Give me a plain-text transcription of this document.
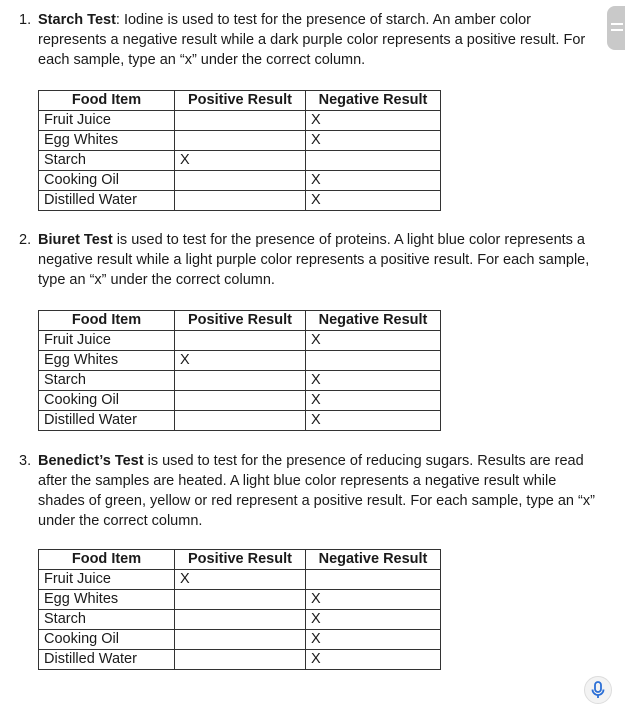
1. Starch Test: Iodine is used to test for the presence of starch. An amber color represents a negative result while a dark purple color represents a positive result. For each sample, type an “x” under the correct column.
Food Item	Positive Result	Negative Result
Fruit Juice		X
Egg Whites		X
Starch	X	
Cooking Oil		X
Distilled Water		X
2. Biuret Test is used to test for the presence of proteins. A light blue color represents a negative result while a light purple color represents a positive result. For each sample, type an “x” under the correct column.
Food Item	Positive Result	Negative Result
Fruit Juice		X
Egg Whites	X	
Starch		X
Cooking Oil		X
Distilled Water		X
3. Benedict’s Test is used to test for the presence of reducing sugars. Results are read after the samples are heated. A light blue color represents a negative result while shades of green, yellow or red represent a positive result. For each sample, type an “x” under the correct column.
Food Item	Positive Result	Negative Result
Fruit Juice	X	
Egg Whites		X
Starch		X
Cooking Oil		X
Distilled Water		X
